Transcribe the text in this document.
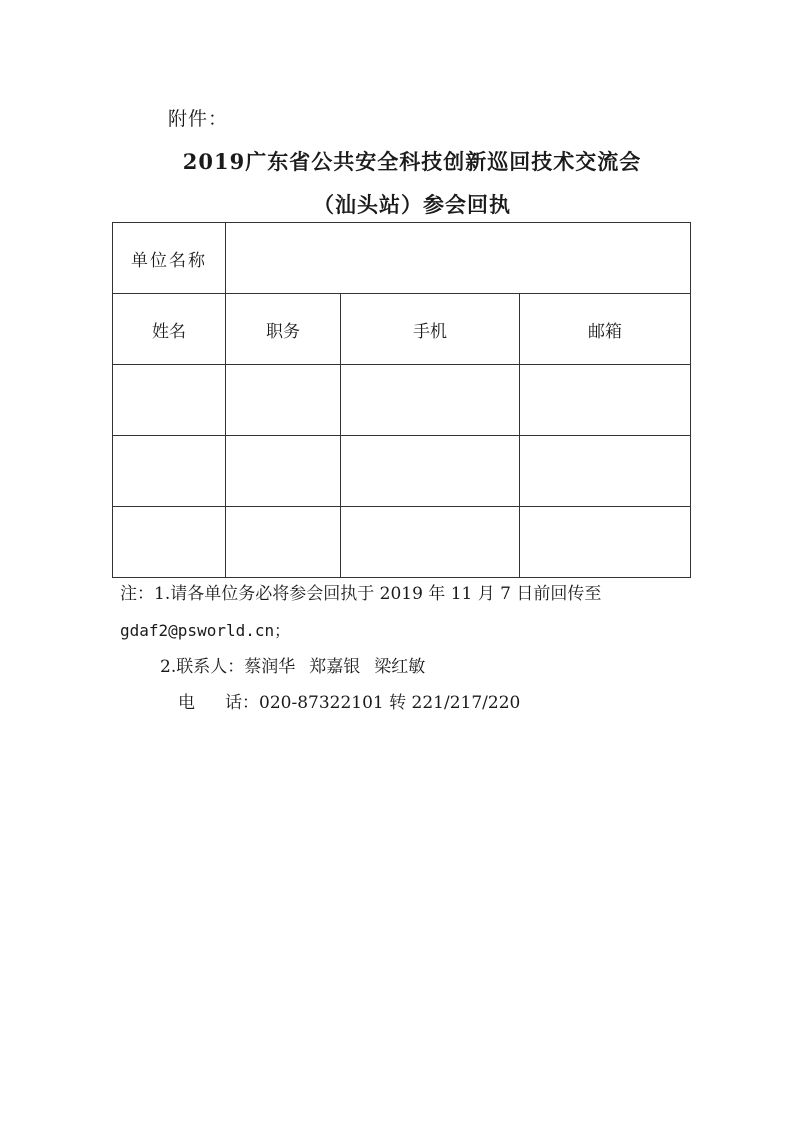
附件：
2019广东省公共安全科技创新巡回技术交流会
（汕头站）参会回执
单位名称			
姓名	职务	手机	邮箱

注：1.请各单位务必将参会回执于 2019 年 11 月 7 日前回传至
gdaf2@psworld.cn；
2.联系人：蔡润华 郑嘉银 梁红敏
电 话：020-87322101 转 221/217/220
